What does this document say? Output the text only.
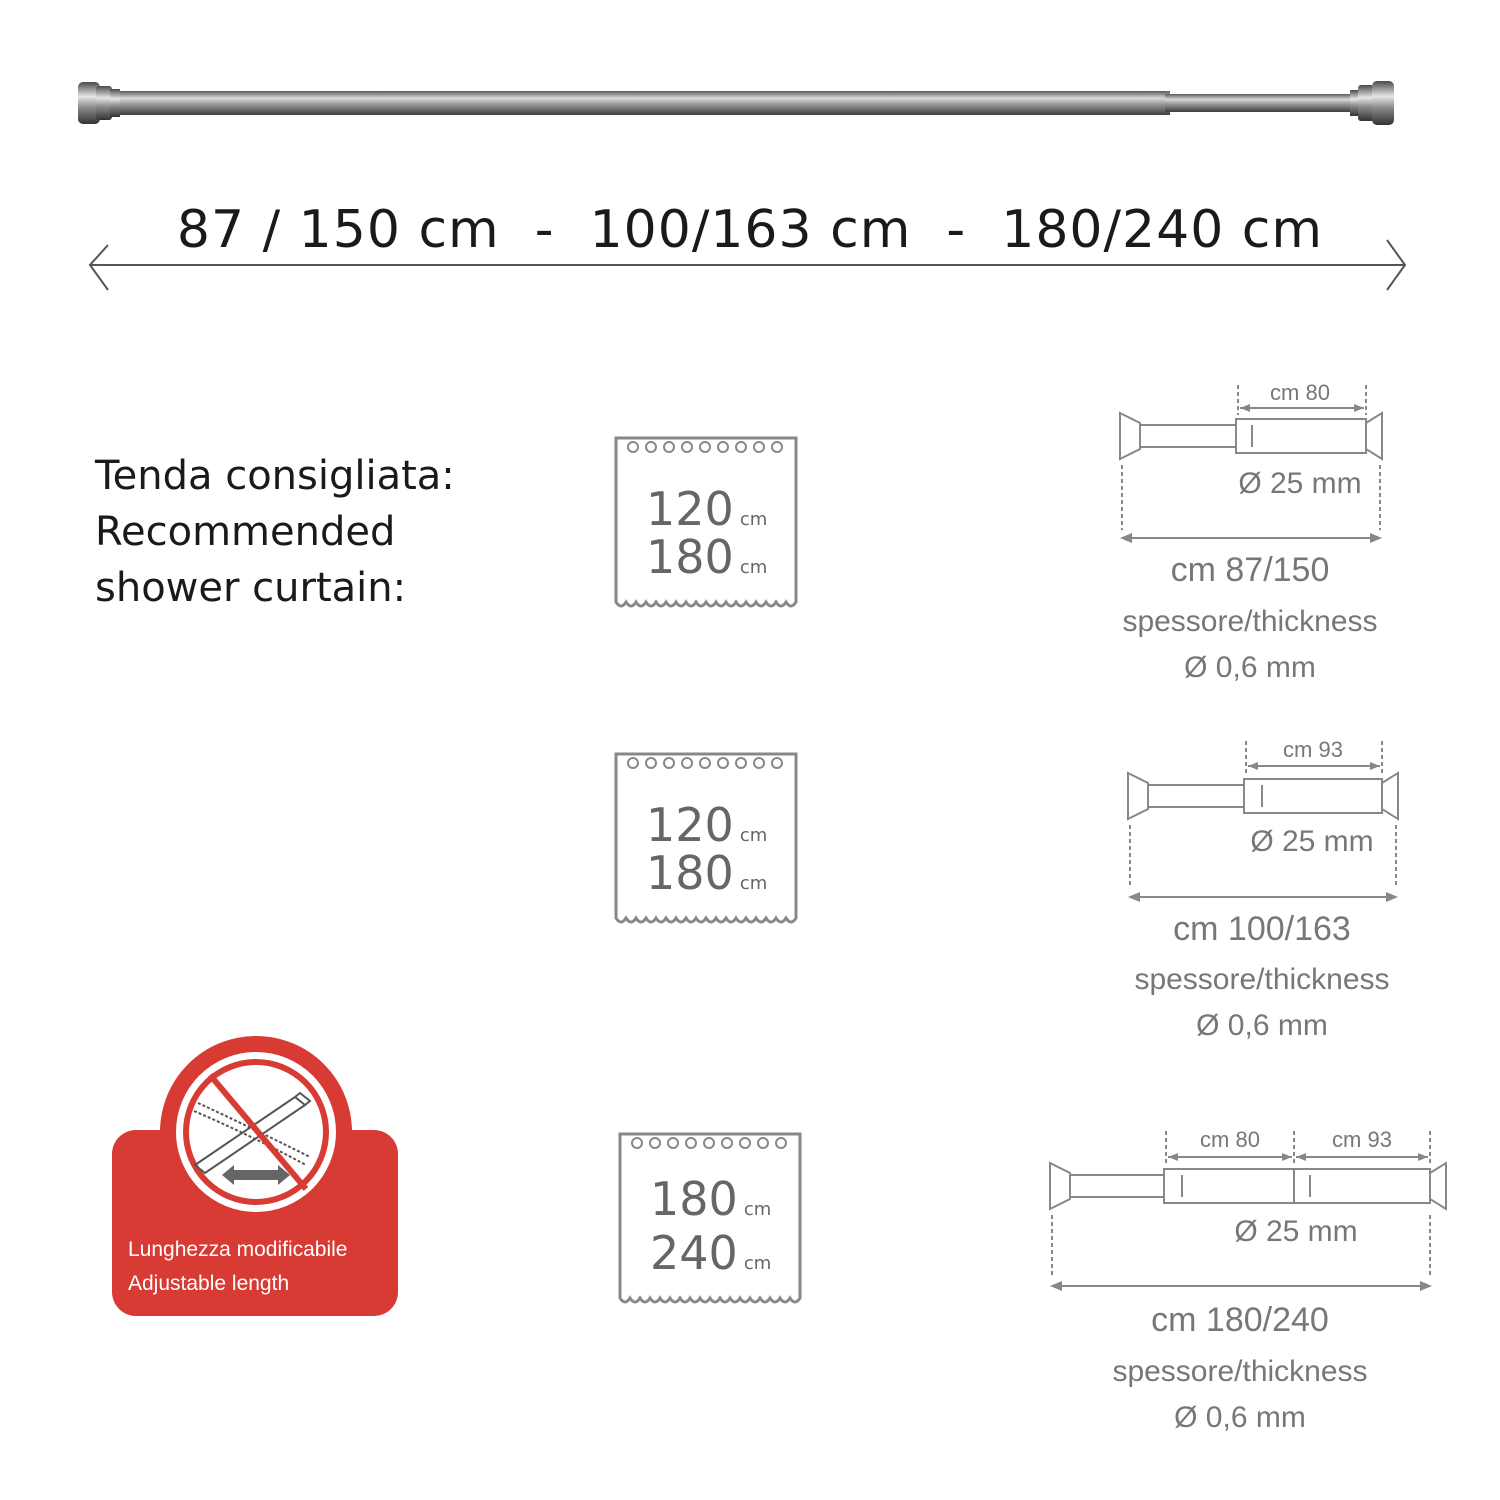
87 / 150 cm  -  100/163 cm  -  180/240 cm
Tenda consigliata:
Recommended
shower curtain:
120 cm
180 cm
120 cm
180 cm
180 cm
240 cm
cm 80
Ø 25 mm
cm 87/150
spessore/thickness
Ø 0,6 mm
cm 93
Ø 25 mm
cm 100/163
spessore/thickness
Ø 0,6 mm
cm 80	cm 93
Ø 25 mm
cm 180/240
spessore/thickness
Ø 0,6 mm
Lunghezza modificabile
Adjustable length
